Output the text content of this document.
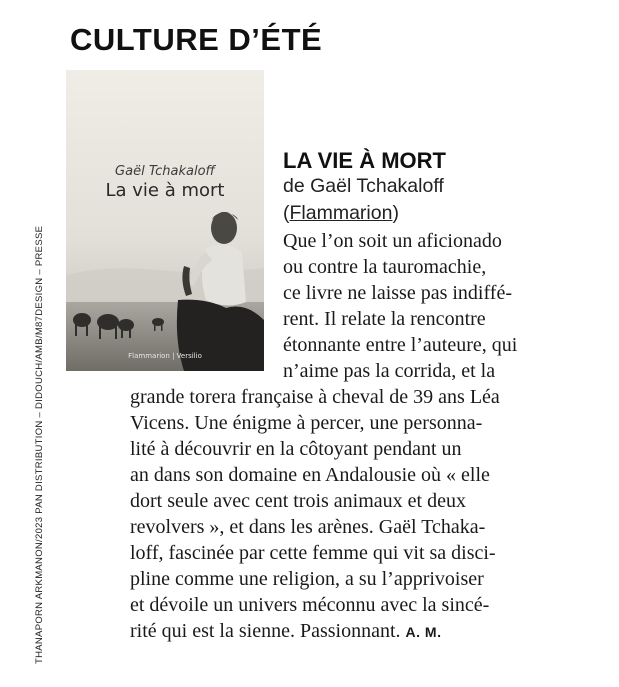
CULTURE D’ÉTÉ
THANAPORN ARKMANON/2023 PAN DISTRIBUTION – DIDOUCH/AMB/M87DESIGN – PRESSE
Gaël Tchakaloff
La vie à mort
Flammarion | Versilio
LA VIE À MORT
de Gaël Tchakaloff
(Flammarion)
Que l’on soit un aficionado
ou contre la tauromachie,
ce livre ne laisse pas indiffé-
rent. Il relate la rencontre
étonnante entre l’auteure, qui
n’aime pas la corrida, et la
grande torera française à cheval de 39 ans Léa
Vicens. Une énigme à percer, une personna-
lité à découvrir en la côtoyant pendant un
an dans son domaine en Andalousie où « elle
dort seule avec cent trois animaux et deux
revolvers », et dans les arènes. Gaël Tchaka-
loff, fascinée par cette femme qui vit sa disci-
pline comme une religion, a su l’apprivoiser
et dévoile un univers méconnu avec la sincé-
rité qui est la sienne. Passionnant. A. M.
